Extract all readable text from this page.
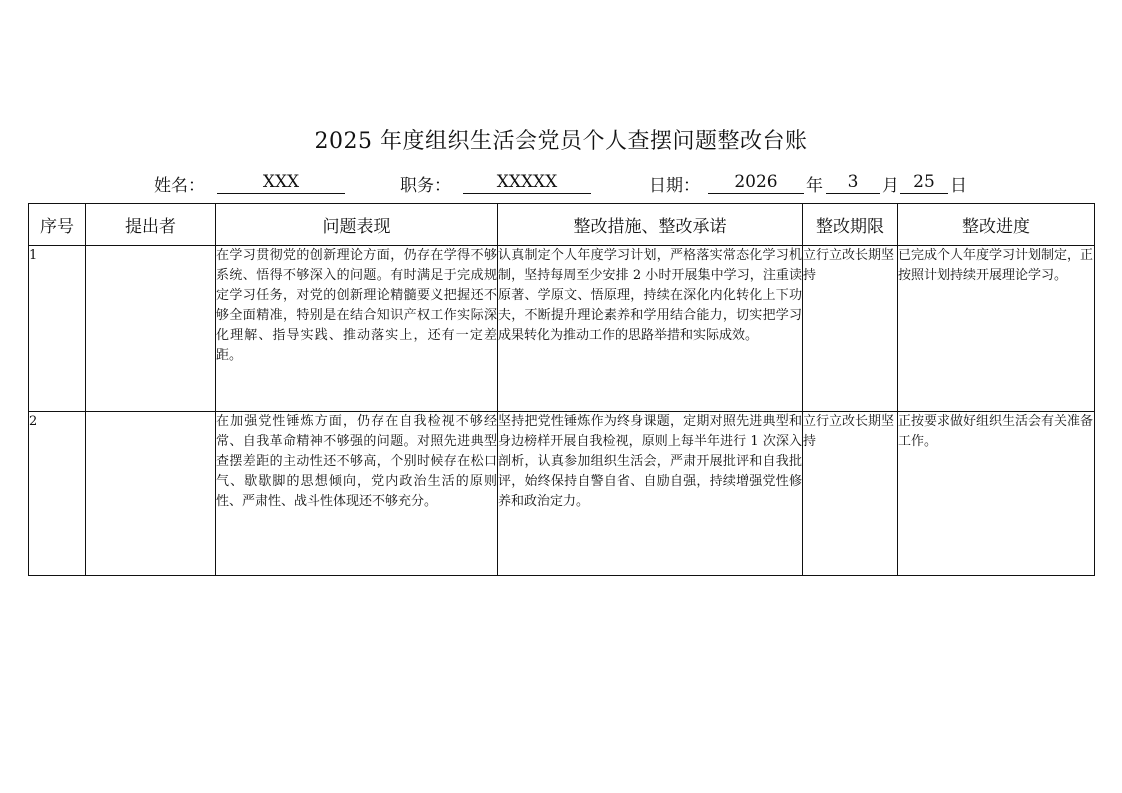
2025 年度组织生活会党员个人查摆问题整改台账
姓名：	XXX	职务：	XXXXX	日期：	2026	年	3	月 25 日
序号	提出者	问题表现	整改措施、整改承诺	整改期限	整改进度
1		在学习贯彻党的创新理论方面，仍存在学得不够系统、悟得不够深入的问题。有时满足于完成规定学习任务，对党的创新理论精髓要义把握还不够全面精准，特别是在结合知识产权工作实际深化理解、指导实践、推动落实上，还有一定差距。	认真制定个人年度学习计划，严格落实常态化学习机制，坚持每周至少安排 2 小时开展集中学习，注重读原著、学原文、悟原理，持续在深化内化转化上下功夫，不断提升理论素养和学用结合能力，切实把学习成果转化为推动工作的思路举措和实际成效。	立行立改长期坚持	已完成个人年度学习计划制定，正按照计划持续开展理论学习。
2		在加强党性锤炼方面，仍存在自我检视不够经常、自我革命精神不够强的问题。对照先进典型查摆差距的主动性还不够高，个别时候存在松口气、歇歇脚的思想倾向，党内政治生活的原则性、严肃性、战斗性体现还不够充分。	坚持把党性锤炼作为终身课题，定期对照先进典型和身边榜样开展自我检视，原则上每半年进行 1 次深入剖析，认真参加组织生活会，严肃开展批评和自我批评，始终保持自警自省、自励自强，持续增强党性修养和政治定力。	立行立改长期坚持	正按要求做好组织生活会有关准备工作。
